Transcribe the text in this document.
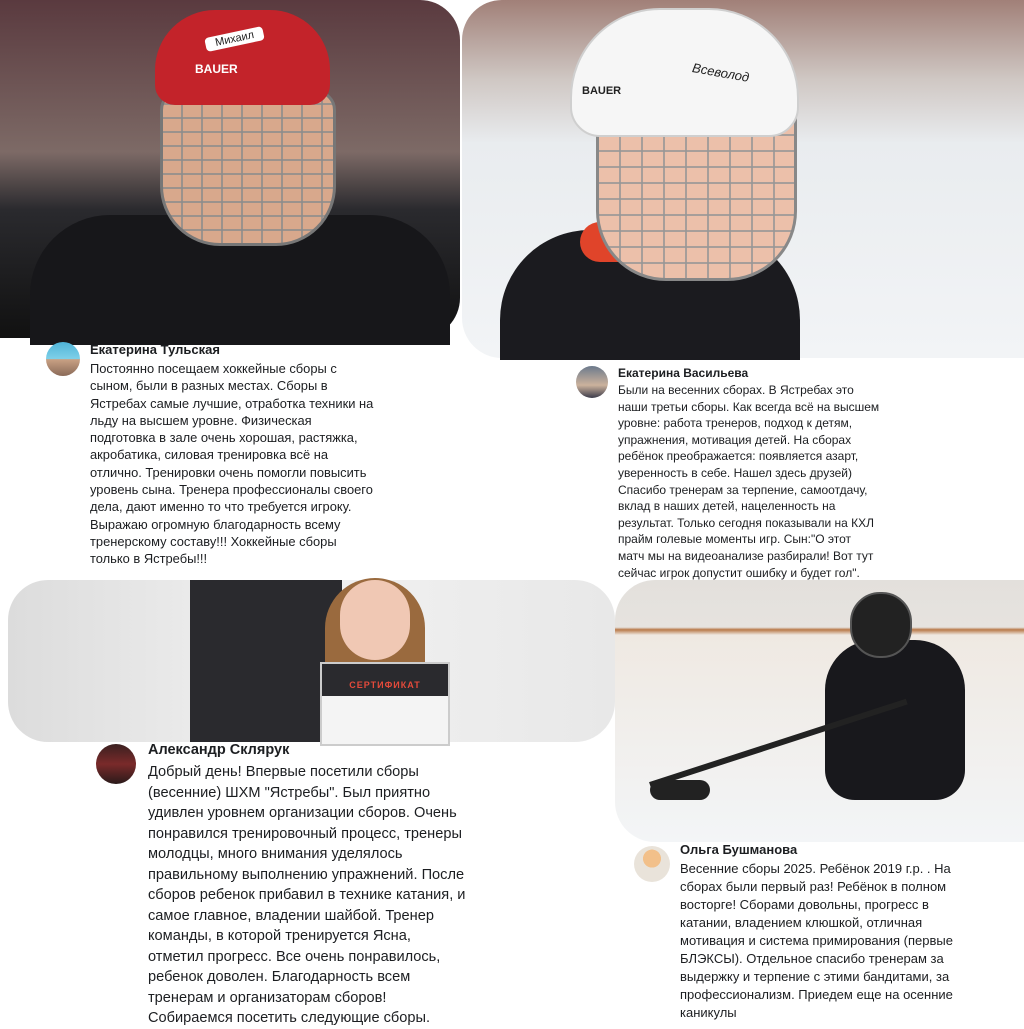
BAUER
Михаил
BAUER
Всеволод
СЕРТИФИКАТ
Екатерина Тульская
Постоянно посещаем хоккейные сборы с
сыном, были в разных местах. Сборы в
Ястребах самые лучшие, отработка техники на
льду на высшем уровне. Физическая
подготовка в зале очень хорошая, растяжка,
акробатика, силовая тренировка всё на
отлично. Тренировки очень помогли повысить
уровень сына. Тренера профессионалы своего
дела, дают именно то что требуется игроку.
Выражаю огромную благодарность всему
тренерскому составу!!! Хоккейные сборы
только в Ястребы!!!
Екатерина Васильева
Были на весенних сборах. В Ястребах это
наши третьи сборы. Как всегда всё на высшем
уровне: работа тренеров, подход к детям,
упражнения, мотивация детей. На сборах
ребёнок преображается: появляется азарт,
уверенность в себе. Нашел здесь друзей)
Спасибо тренерам за терпение, самоотдачу,
вклад в наших детей, нацеленность на
результат. Только сегодня показывали на КХЛ
прайм голевые моменты игр. Сын:"О этот
матч мы на видеоанализе разбирали! Вот тут
сейчас игрок допустит ошибку и будет гол".
Александр Склярук
Добрый день! Впервые посетили сборы
(весенние) ШХМ "Ястребы". Был приятно
удивлен уровнем организации сборов. Очень
понравился тренировочный процесс, тренеры
молодцы, много внимания уделялось
правильному выполнению упражнений. После
сборов ребенок прибавил в технике катания, и
самое главное, владении шайбой. Тренер
команды, в которой тренируется Ясна,
отметил прогресс. Все очень понравилось,
ребенок доволен. Благодарность всем
тренерам и организаторам сборов!
Собираемся посетить следующие сборы.
Ольга Бушманова
Весенние сборы 2025. Ребёнок 2019 г.р. . На
сборах были первый раз! Ребёнок в полном
восторге! Сборами довольны, прогресс в
катании, владением клюшкой, отличная
мотивация и система примирования (первые
БЛЭКСЫ). Отдельное спасибо тренерам за
выдержку и терпение с этими бандитами, за
профессионализм. Приедем еще на осенние
каникулы
